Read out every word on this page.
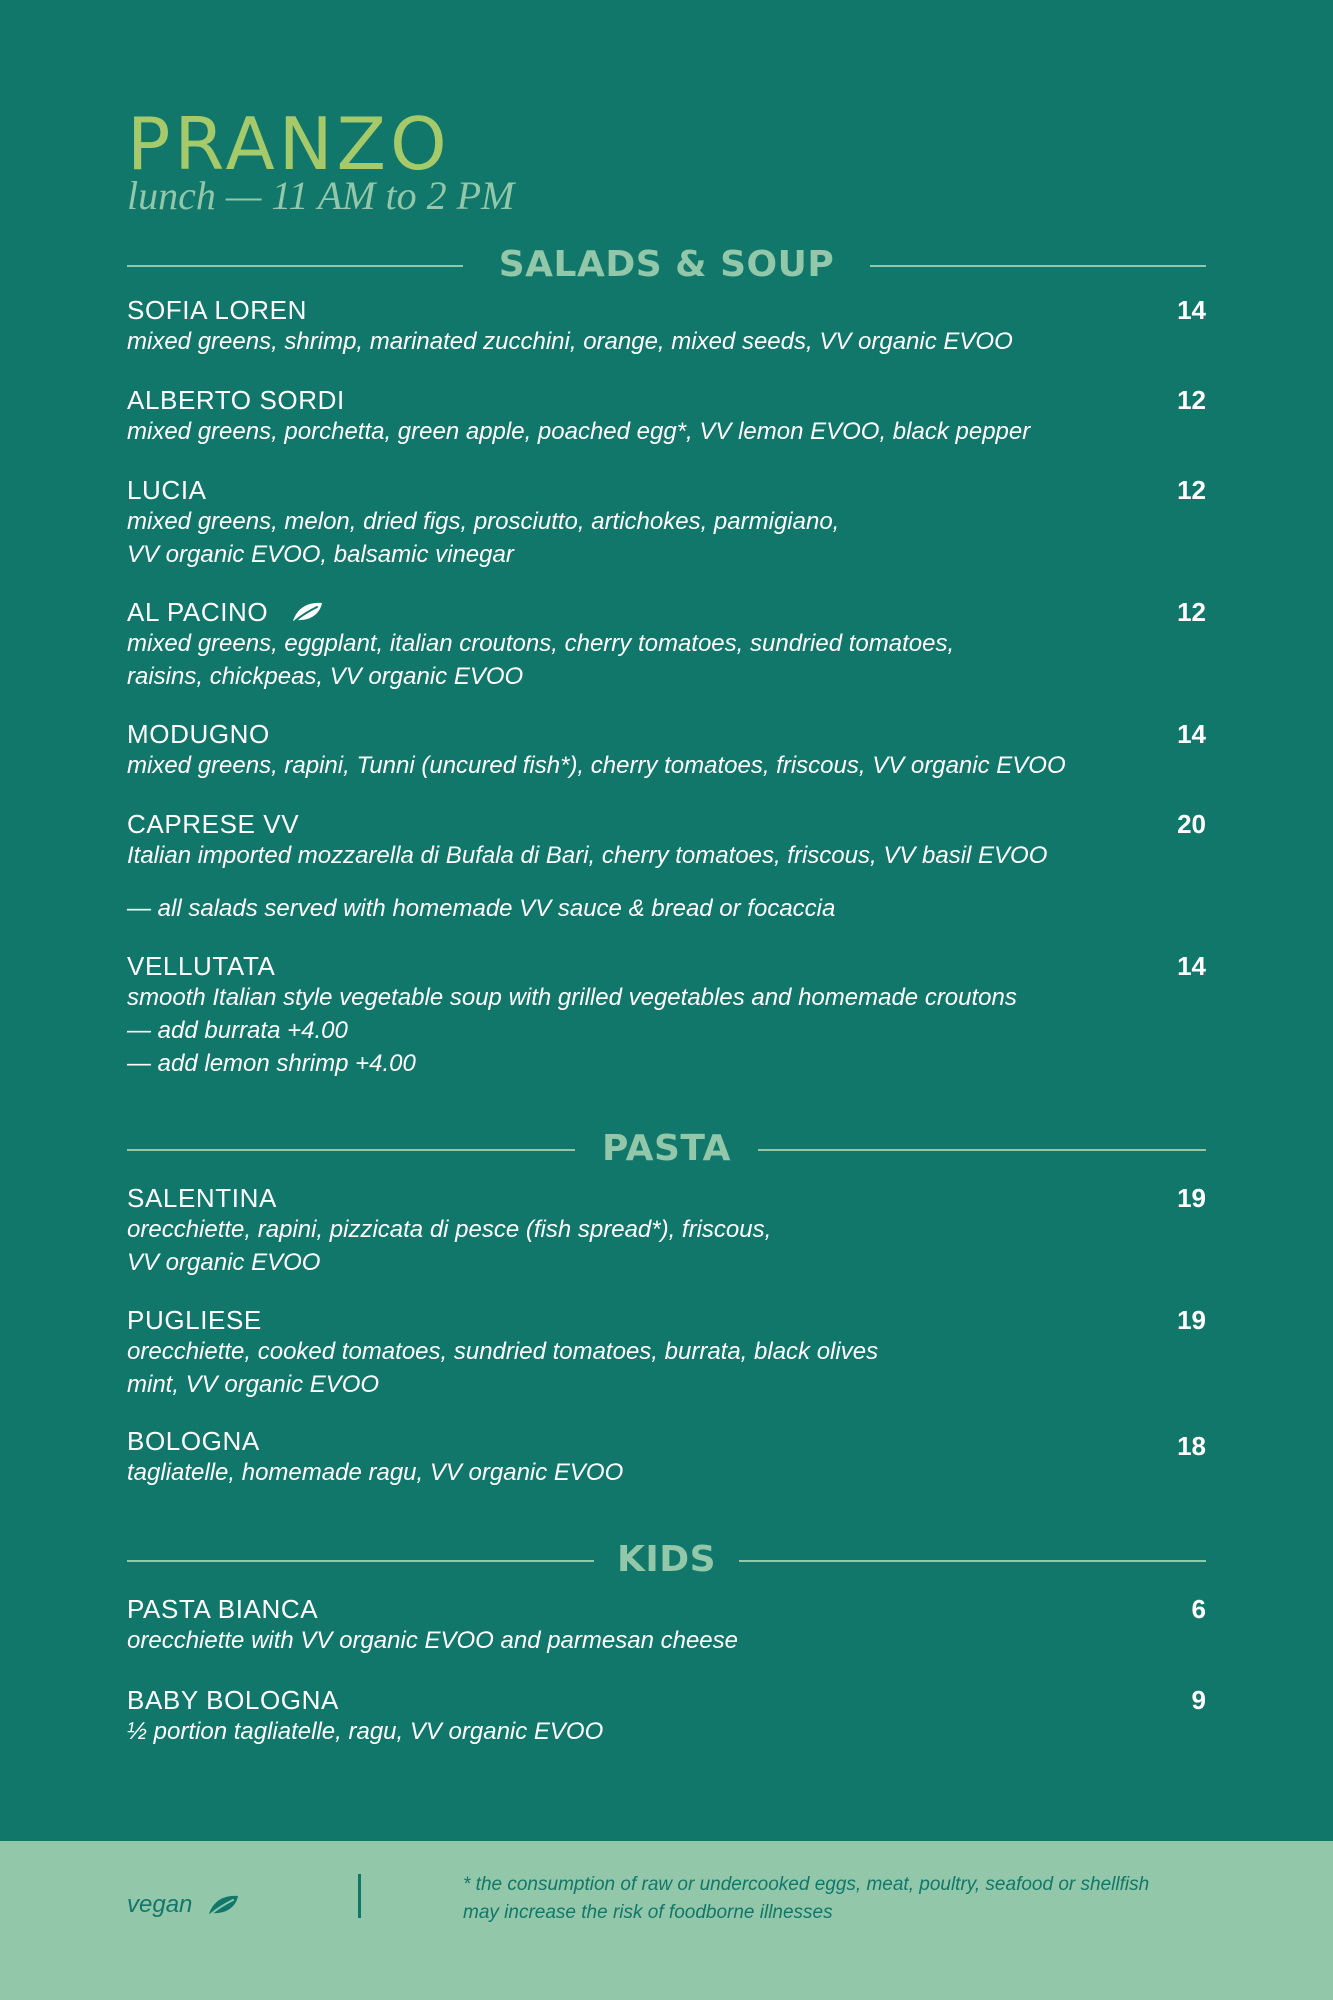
PRANZO
lunch — 11 AM to 2 PM
SALADS & SOUP
SOFIA LOREN	14
mixed greens, shrimp, marinated zucchini, orange, mixed seeds, VV organic EVOO
ALBERTO SORDI	12
mixed greens, porchetta, green apple, poached egg*, VV lemon EVOO, black pepper
LUCIA	12
mixed greens, melon, dried figs, prosciutto, artichokes, parmigiano,
VV organic EVOO, balsamic vinegar
AL PACINO	12
mixed greens, eggplant, italian croutons, cherry tomatoes, sundried tomatoes,
raisins, chickpeas, VV organic EVOO
MODUGNO	14
mixed greens, rapini, Tunni (uncured fish*), cherry tomatoes, friscous, VV organic EVOO
CAPRESE VV	20
Italian imported mozzarella di Bufala di Bari, cherry tomatoes, friscous, VV basil EVOO
— all salads served with homemade VV sauce & bread or focaccia
VELLUTATA	14
smooth Italian style vegetable soup with grilled vegetables and homemade croutons
— add burrata +4.00
— add lemon shrimp +4.00
PASTA
SALENTINA	19
orecchiette, rapini, pizzicata di pesce (fish spread*), friscous,
VV organic EVOO
PUGLIESE	19
orecchiette, cooked tomatoes, sundried tomatoes, burrata, black olives
mint, VV organic EVOO
BOLOGNA	18
tagliatelle, homemade ragu, VV organic EVOO
KIDS
PASTA BIANCA	6
orecchiette with VV organic EVOO and parmesan cheese
BABY BOLOGNA	9
½ portion tagliatelle, ragu, VV organic EVOO
vegan
* the consumption of raw or undercooked eggs, meat, poultry, seafood or shellfish
may increase the risk of foodborne illnesses
